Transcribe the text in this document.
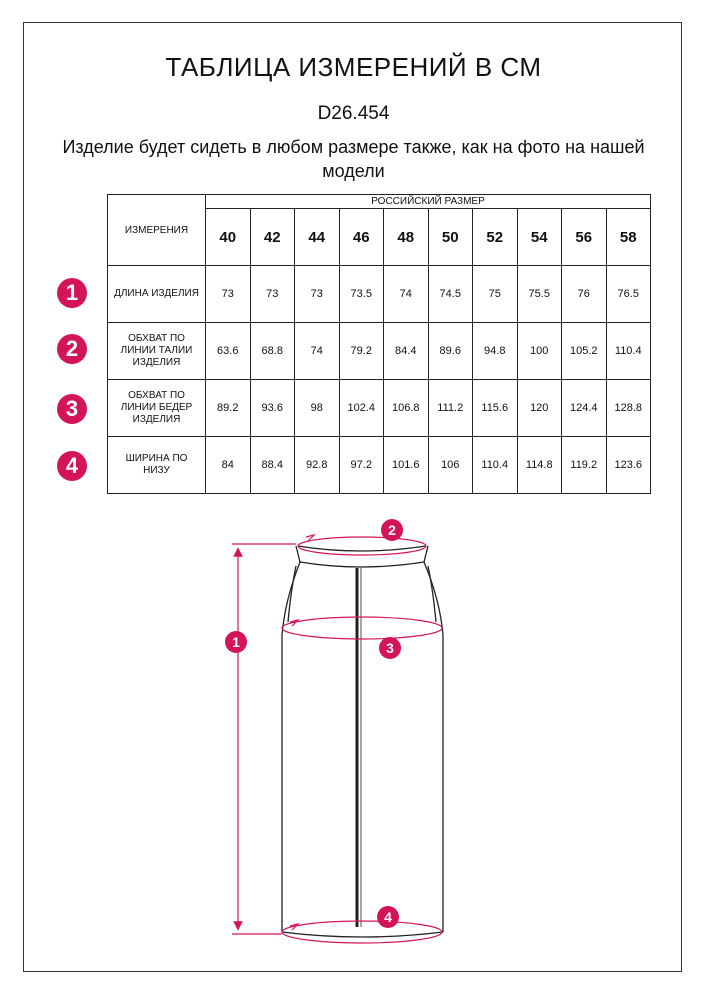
ТАБЛИЦА ИЗМЕРЕНИЙ В СМ
D26.454
Изделие будет сидеть в любом размере также, как на фото на нашей модели
ИЗМЕРЕНИЯ	РОССИЙСКИЙ РАЗМЕР									
	40	42	44	46	48	50	52	54	56	58
ДЛИНА ИЗДЕЛИЯ	73	73	73	73.5	74	74.5	75	75.5	76	76.5
ОБХВАТ ПО ЛИНИИ ТАЛИИ ИЗДЕЛИЯ	63.6	68.8	74	79.2	84.4	89.6	94.8	100	105.2	110.4
ОБХВАТ ПО ЛИНИИ БЕДЕР ИЗДЕЛИЯ	89.2	93.6	98	102.4	106.8	111.2	115.6	120	124.4	128.8
ШИРИНА ПО НИЗУ	84	88.4	92.8	97.2	101.6	106	110.4	114.8	119.2	123.6
1
2
3
4
1
2
3
4
